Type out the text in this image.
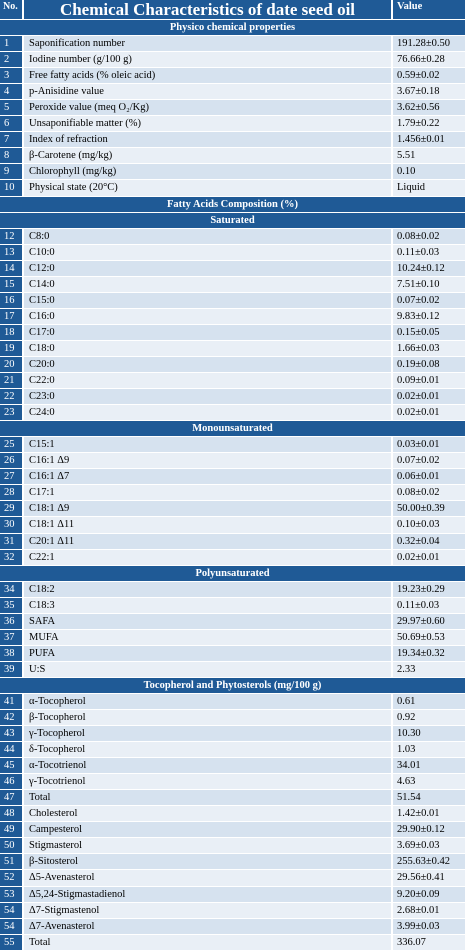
No.	Chemical Characteristics of date seed oil	Value
Physico chemical properties
1	Saponification number	191.28±0.50
2	Iodine number (g/100 g)	76.66±0.28
3	Free fatty acids (% oleic acid)	0.59±0.02
4	p-Anisidine value	3.67±0.18
5	Peroxide value (meq O₂/Kg)	3.62±0.56
6	Unsaponifiable matter (%)	1.79±0.22
7	Index of refraction	1.456±0.01
8	β-Carotene (mg/kg)	5.51
9	Chlorophyll (mg/kg)	0.10
10	Physical state (20°C)	Liquid
Fatty Acids Composition (%)
Saturated
12	C8:0	0.08±0.02
13	C10:0	0.11±0.03
14	C12:0	10.24±0.12
15	C14:0	7.51±0.10
16	C15:0	0.07±0.02
17	C16:0	9.83±0.12
18	C17:0	0.15±0.05
19	C18:0	1.66±0.03
20	C20:0	0.19±0.08
21	C22:0	0.09±0.01
22	C23:0	0.02±0.01
23	C24:0	0.02±0.01
Monounsaturated
25	C15:1	0.03±0.01
26	C16:1 Δ9	0.07±0.02
27	C16:1 Δ7	0.06±0.01
28	C17:1	0.08±0.02
29	C18:1 Δ9	50.00±0.39
30	C18:1 Δ11	0.10±0.03
31	C20:1 Δ11	0.32±0.04
32	C22:1	0.02±0.01
Polyunsaturated
34	C18:2	19.23±0.29
35	C18:3	0.11±0.03
36	SAFA	29.97±0.60
37	MUFA	50.69±0.53
38	PUFA	19.34±0.32
39	U:S	2.33
Tocopherol and Phytosterols (mg/100 g)
41	α-Tocopherol	0.61
42	β-Tocopherol	0.92
43	γ-Tocopherol	10.30
44	δ-Tocopherol	1.03
45	α-Tocotrienol	34.01
46	γ-Tocotrienol	4.63
47	Total	51.54
48	Cholesterol	1.42±0.01
49	Campesterol	29.90±0.12
50	Stigmasterol	3.69±0.03
51	β-Sitosterol	255.63±0.42
52	Δ5-Avenasterol	29.56±0.41
53	Δ5,24-Stigmastadienol	9.20±0.09
54	Δ7-Stigmastenol	2.68±0.01
54	Δ7-Avenasterol	3.99±0.03
55	Total	336.07
